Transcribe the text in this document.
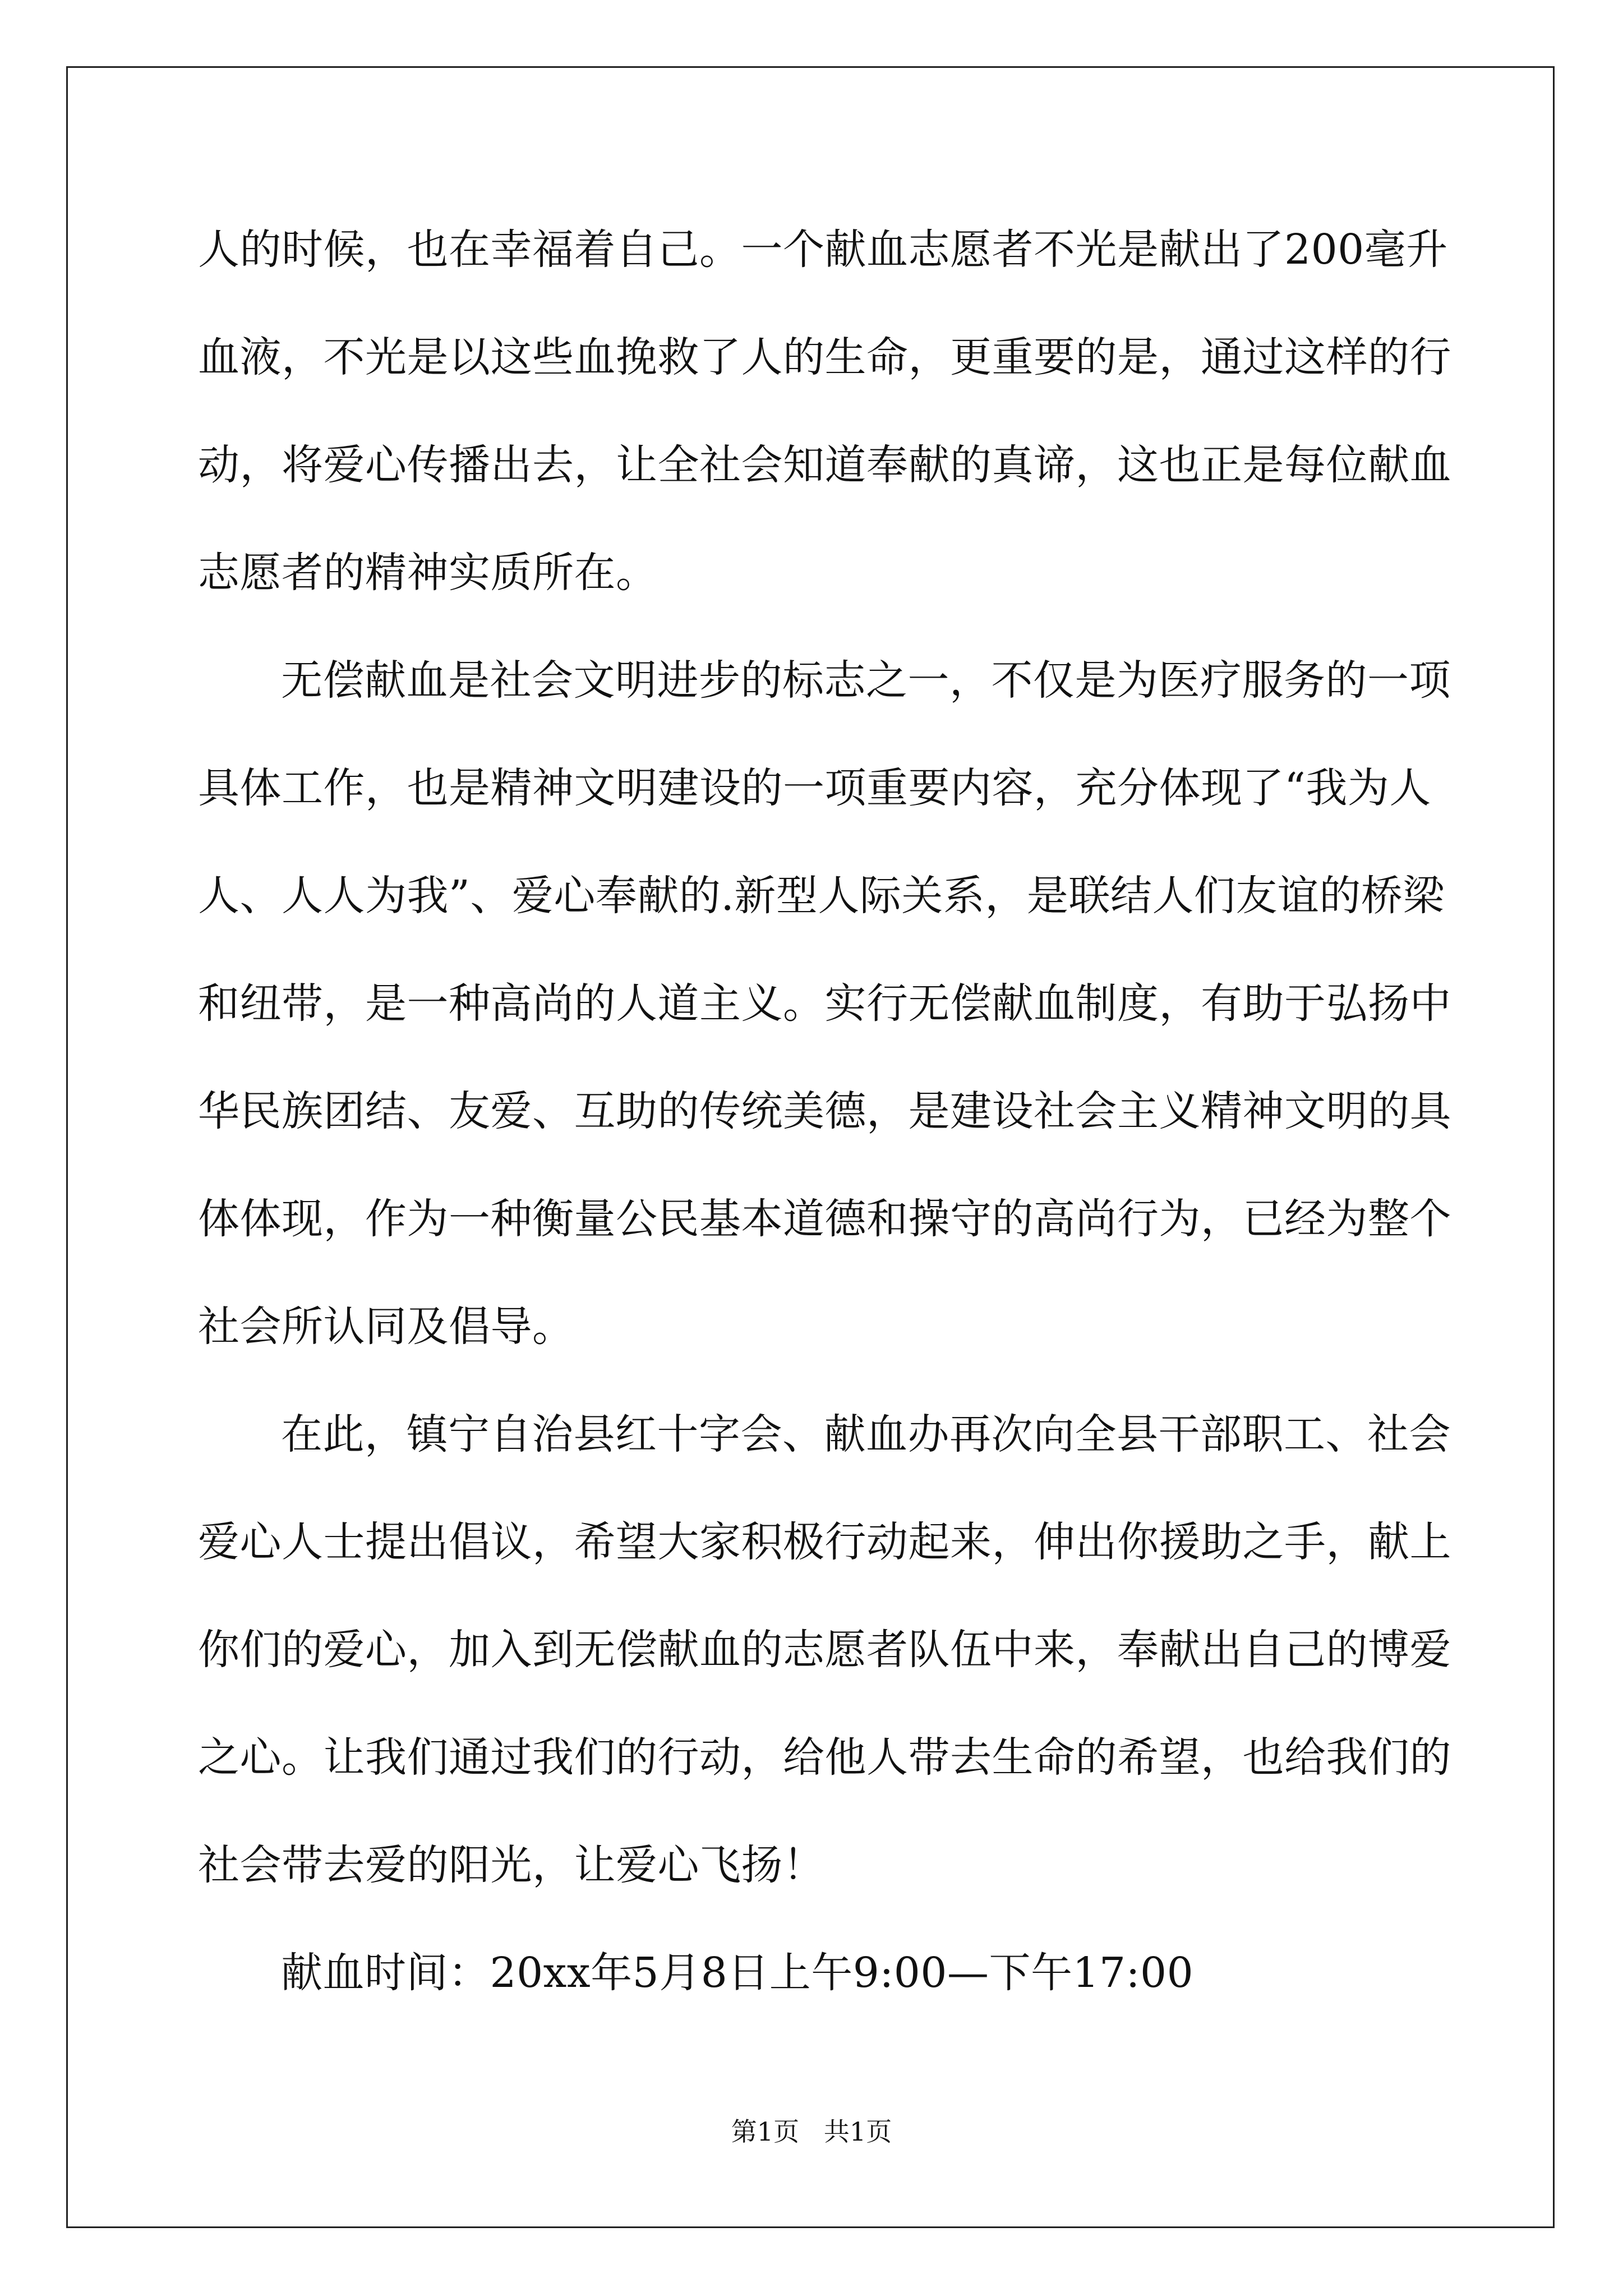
人的时候，也在幸福着自己。一个献血志愿者不光是献出了200毫升
血液，不光是以这些血挽救了人的生命，更重要的是，通过这样的行
动，将爱心传播出去，让全社会知道奉献的真谛，这也正是每位献血
志愿者的精神实质所在。
无偿献血是社会文明进步的标志之一，不仅是为医疗服务的一项
具体工作，也是精神文明建设的一项重要内容，充分体现了“我为人
人、人人为我”、爱心奉献的.新型人际关系，是联结人们友谊的桥梁
和纽带，是一种高尚的人道主义。实行无偿献血制度，有助于弘扬中
华民族团结、友爱、互助的传统美德，是建设社会主义精神文明的具
体体现，作为一种衡量公民基本道德和操守的高尚行为，已经为整个
社会所认同及倡导。
在此，镇宁自治县红十字会、献血办再次向全县干部职工、社会
爱心人士提出倡议，希望大家积极行动起来，伸出你援助之手，献上
你们的爱心，加入到无偿献血的志愿者队伍中来，奉献出自己的博爱
之心。让我们通过我们的行动，给他人带去生命的希望，也给我们的
社会带去爱的阳光，让爱心飞扬！
献血时间：20xx年5月8日上午9:00—下午17:00
第1页   共1页
